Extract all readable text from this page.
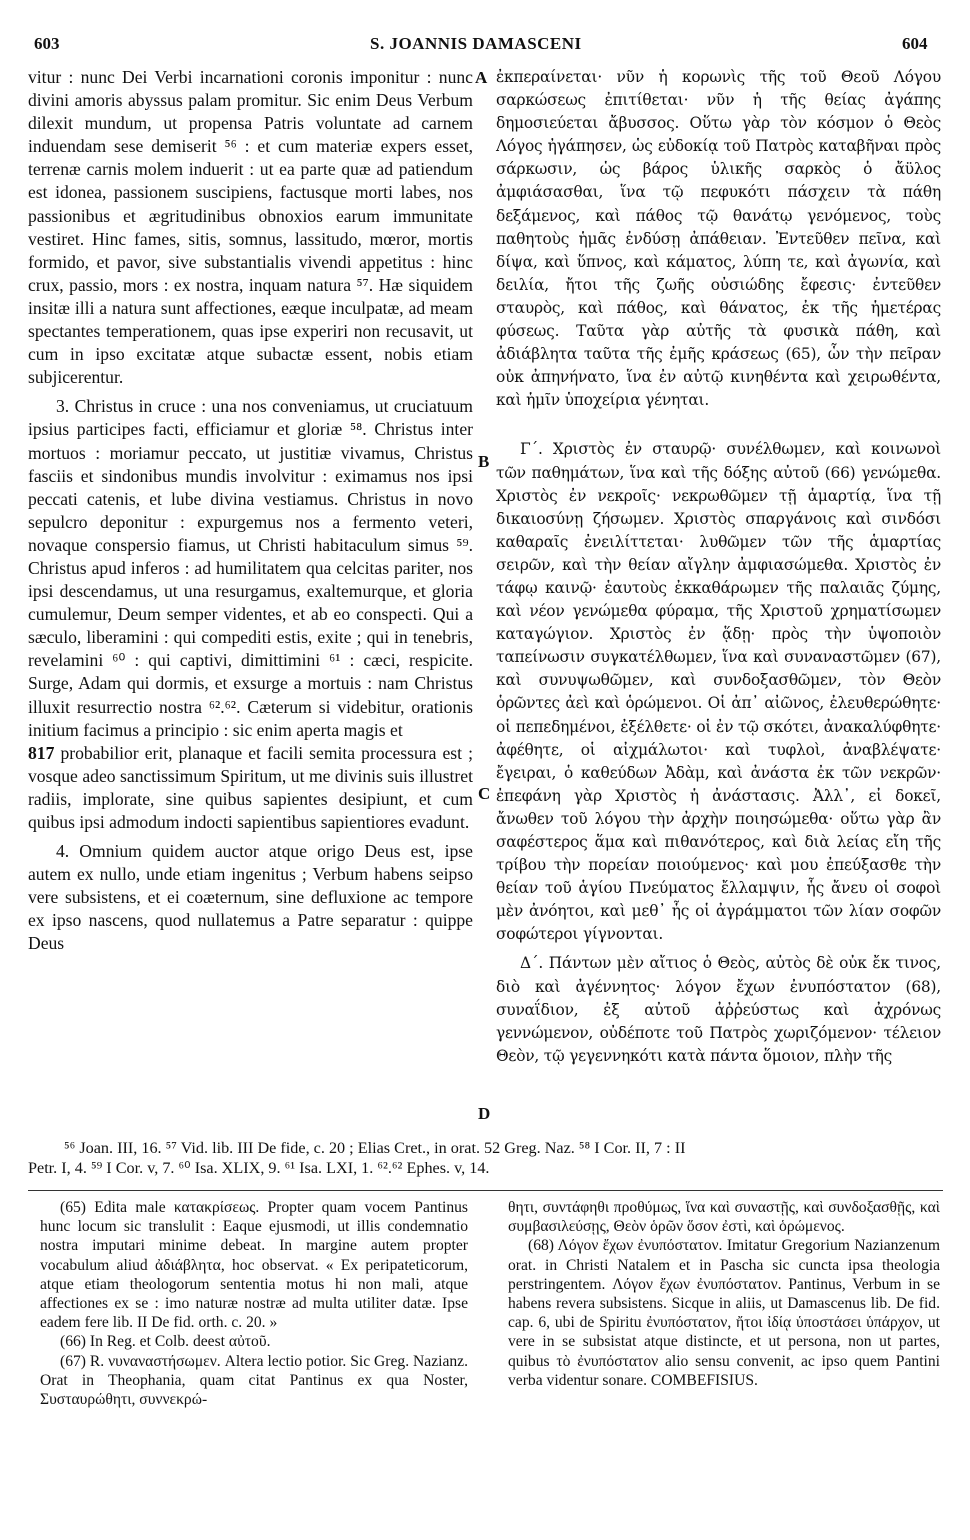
603	S. JOANNIS DAMASCENI	604

vitur : nunc Dei Verbi incarnationi coronis imponitur : nunc divini amoris abyssus palam promitur. Sic enim Deus Verbum dilexit mundum, ut propensa Patris voluntate ad carnem induendam sese demiserit ⁵⁶ : et cum materiæ expers esset, terrenæ carnis molem induerit : ut ea parte quæ ad patiendum est idonea, passionem suscipiens, factusque morti labes, nos passionibus et ægritudinibus obnoxios earum immunitate vestiret. Hinc fames, sitis, somnus, lassitudo, mœror, mortis formido, et pavor, sive substantialis vivendi appetitus : hinc crux, passio, mors : ex nostra, inquam natura ⁵⁷. Hæ siquidem insitæ illi a natura sunt affectiones, eæque inculpatæ, ad meam spectantes temperationem, quas ipse experiri non recusavit, ut cum in ipso excitatæ atque subactæ essent, nobis etiam subjicerentur.

3. Christus in cruce : una nos conveniamus, ut cruciatuum ipsius participes facti, efficiamur et gloriæ ⁵⁸. Christus inter mortuos : moriamur peccato, ut justitiæ vivamus, Christus fasciis et sindonibus mundis involvitur : eximamus nos ipsi peccati catenis, et lube divina vestiamus. Christus in novo sepulcro deponitur : expurgemus nos a fermento veteri, novaque conspersio fiamus, ut Christi habitaculum simus ⁵⁹. Christus apud inferos : ad humilitatem qua celcitas pariter, nos ipsi descendamus, ut una resurgamus, exaltemurque, et gloria cumulemur, Deum semper videntes, et ab eo conspecti. Qui a sæculo, liberamini : qui compediti estis, exite ; qui in tenebris, revelamini ⁶⁰ : qui captivi, dimittimini ⁶¹ : cæci, respicite. Surge, Adam qui dormis, et exsurge a mortuis : nam Christus illuxit resurrectio nostra ⁶².⁶². Cæterum si videbitur, orationis initium facimus a principio : sic enim aperta magis et

817 probabilior erit, planaque et facili semita processura est ; vosque adeo sanctissimum Spiritum, ut me divinis suis illustret radiis, implorate, sine quibus sapientes desipiunt, et cum quibus ipsi admodum indocti sapientibus sapientiores evadunt.

4. Omnium quidem auctor atque origo Deus est, ipse autem ex nullo, unde etiam ingenitus ; Verbum habens seipso vere subsistens, et ei coæternum, sine defluxione ac tempore ex ipso nascens, quod nullatemus a Patre separatur : quippe Deus

A
B
C
D

ἐκπεραίνεται· νῦν ἡ κορωνὶς τῆς τοῦ Θεοῦ Λόγου σαρκώσεως ἐπιτίθεται· νῦν ἡ τῆς θείας ἀγάπης δημοσιεύεται ἄβυσσος. Οὕτω γὰρ τὸν κόσμον ὁ Θεὸς Λόγος ἠγάπησεν, ὡς εὐδοκίᾳ τοῦ Πατρὸς καταβῆναι πρὸς σάρκωσιν, ὡς βάρος ὑλικῆς σαρκὸς ὁ ἄϋλος ἀμφιάσασθαι, ἵνα τῷ πεφυκότι πάσχειν τὰ πάθη δεξάμενος, καὶ πάθος τῷ θανάτῳ γενόμενος, τοὺς παθητοὺς ἡμᾶς ἐνδύσῃ ἀπάθειαν. Ἐντεῦθεν πεῖνα, καὶ δίψα, καὶ ὕπνος, καὶ κάματος, λύπη τε, καὶ ἀγωνία, καὶ δειλία, ἤτοι τῆς ζωῆς οὐσιώδης ἔφεσις· ἐντεῦθεν σταυρὸς, καὶ πάθος, καὶ θάνατος, ἐκ τῆς ἡμετέρας φύσεως. Ταῦτα γὰρ αὐτῆς τὰ φυσικὰ πάθη, καὶ ἀδιάβλητα ταῦτα τῆς ἐμῆς κράσεως (65), ὧν τὴν πεῖραν οὐκ ἀπηνήνατο, ἵνα ἐν αὐτῷ κινηθέντα καὶ χειρωθέντα, καὶ ἡμῖν ὑποχείρια γένηται.

Γ΄. Χριστὸς ἐν σταυρῷ· συνέλθωμεν, καὶ κοινωνοὶ τῶν παθημάτων, ἵνα καὶ τῆς δόξης αὐτοῦ (66) γενώμεθα. Χριστὸς ἐν νεκροῖς· νεκρωθῶμεν τῇ ἁμαρτίᾳ, ἵνα τῇ δικαιοσύνῃ ζήσωμεν. Χριστὸς σπαργάνοις καὶ σινδόσι καθαραῖς ἐνειλίττεται· λυθῶμεν τῶν τῆς ἁμαρτίας σειρῶν, καὶ τὴν θείαν αἴγλην ἀμφιασώμεθα. Χριστὸς ἐν τάφῳ καινῷ· ἑαυτοὺς ἐκκαθάρωμεν τῆς παλαιᾶς ζύμης, καὶ νέον γενώμεθα φύραμα, τῆς Χριστοῦ χρηματίσωμεν καταγώγιον. Χριστὸς ἐν ᾅδῃ· πρὸς τὴν ὑψοποιὸν ταπείνωσιν συγκατέλθωμεν, ἵνα καὶ συναναστῶμεν (67), καὶ συνυψωθῶμεν, καὶ συνδοξασθῶμεν, τὸν Θεὸν ὁρῶντες ἀεὶ καὶ ὁρώμενοι. Οἱ ἀπ᾿ αἰῶνος, ἐλευθερώθητε· οἱ πεπεδημένοι, ἐξέλθετε· οἱ ἐν τῷ σκότει, ἀνακαλύφθητε· ἀφέθητε, οἱ αἰχμάλωτοι· καὶ τυφλοὶ, ἀναβλέψατε· ἔγειραι, ὁ καθεύδων Ἀδὰμ, καὶ ἀνάστα ἐκ τῶν νεκρῶν· ἐπεφάνη γὰρ Χριστὸς ἡ ἀνάστασις. Ἀλλ᾿, εἰ δοκεῖ, ἄνωθεν τοῦ λόγου τὴν ἀρχὴν ποιησώμεθα· οὕτω γὰρ ἂν σαφέστερος ἅμα καὶ πιθανότερος, καὶ διὰ λείας εἴη τῆς τρίβου τὴν πορείαν ποιούμενος· καὶ μου ἐπεύξασθε τὴν θείαν τοῦ ἁγίου Πνεύματος ἔλλαμψιν, ἧς ἄνευ οἱ σοφοὶ μὲν ἀνόητοι, καὶ μεθ᾿ ἧς οἱ ἀγράμματοι τῶν λίαν σοφῶν σοφώτεροι γίγνονται.

Δ΄. Πάντων μὲν αἴτιος ὁ Θεὸς, αὐτὸς δὲ οὐκ ἔκ τινος, διὸ καὶ ἀγέννητος· λόγον ἔχων ἐνυπόστατον (68), συναΐδιον, ἐξ αὐτοῦ ἀῤῥεύστως καὶ ἀχρόνως γεννώμενον, οὐδέποτε τοῦ Πατρὸς χωριζόμενον· τέλειον Θεὸν, τῷ γεγεννηκότι κατὰ πάντα ὅμοιον, πλὴν τῆς

⁵⁶ Joan. III, 16. ⁵⁷ Vid. lib. III De fide, c. 20 ; Elias Cret., in orat. 52 Greg. Naz. ⁵⁸ I Cor. II, 7 : II
Petr. I, 4. ⁵⁹ I Cor. v, 7. ⁶⁰ Isa. XLIX, 9. ⁶¹ Isa. LXI, 1. ⁶².⁶² Ephes. v, 14.

(65) Edita male κατακρίσεως. Propter quam vocem Pantinus hunc locum sic translulit : Eaque ejusmodi, ut illis condemnatio nostra imputari minime debeat. In margine autem propter vocabulum aliud ἀδιάβλητα, hoc observat. « Ex peripateticorum, atque etiam theologorum sententia motus hi non mali, atque affectiones ex se : imo naturæ nostræ ad multa utiliter datæ. Ipse eadem fere lib. II De fid. orth. c. 20. »

(66) In Reg. et Colb. deest αὐτοῦ.

(67) R. νυναναστήσωμεν. Altera lectio potior. Sic Greg. Nazianz. Orat in Theophania, quam citat Pantinus ex qua Noster, Συσταυρώθητι, συννεκρώ-

θητι, συντάφηθι προθύμως, ἵνα καὶ συναστῇς, καὶ συνδοξασθῇς, καὶ συμβασιλεύσῃς, Θεὸν ὁρῶν ὅσον ἐστὶ, καὶ ὁρώμενος.

(68) Λόγον ἔχων ἐνυπόστατον. Imitatur Gregorium Nazianzenum orat. in Christi Natalem et in Pascha sic cuncta ipsa theologia perstringentem. Λόγον ἔχων ἐνυπόστατον. Pantinus, Verbum in se habens revera subsistens. Sicque in aliis, ut Damascenus lib. De fid. cap. 6, ubi de Spiritu ἐνυπόστατον, ἤτοι ἰδίᾳ ὑποστάσει ὑπάρχον, ut vere in se subsistat atque distincte, et ut persona, non ut partes, quibus τὸ ἐνυπόστατον alio sensu convenit, ac ipso quem Pantini verba videntur sonare. COMBEFISIUS.
